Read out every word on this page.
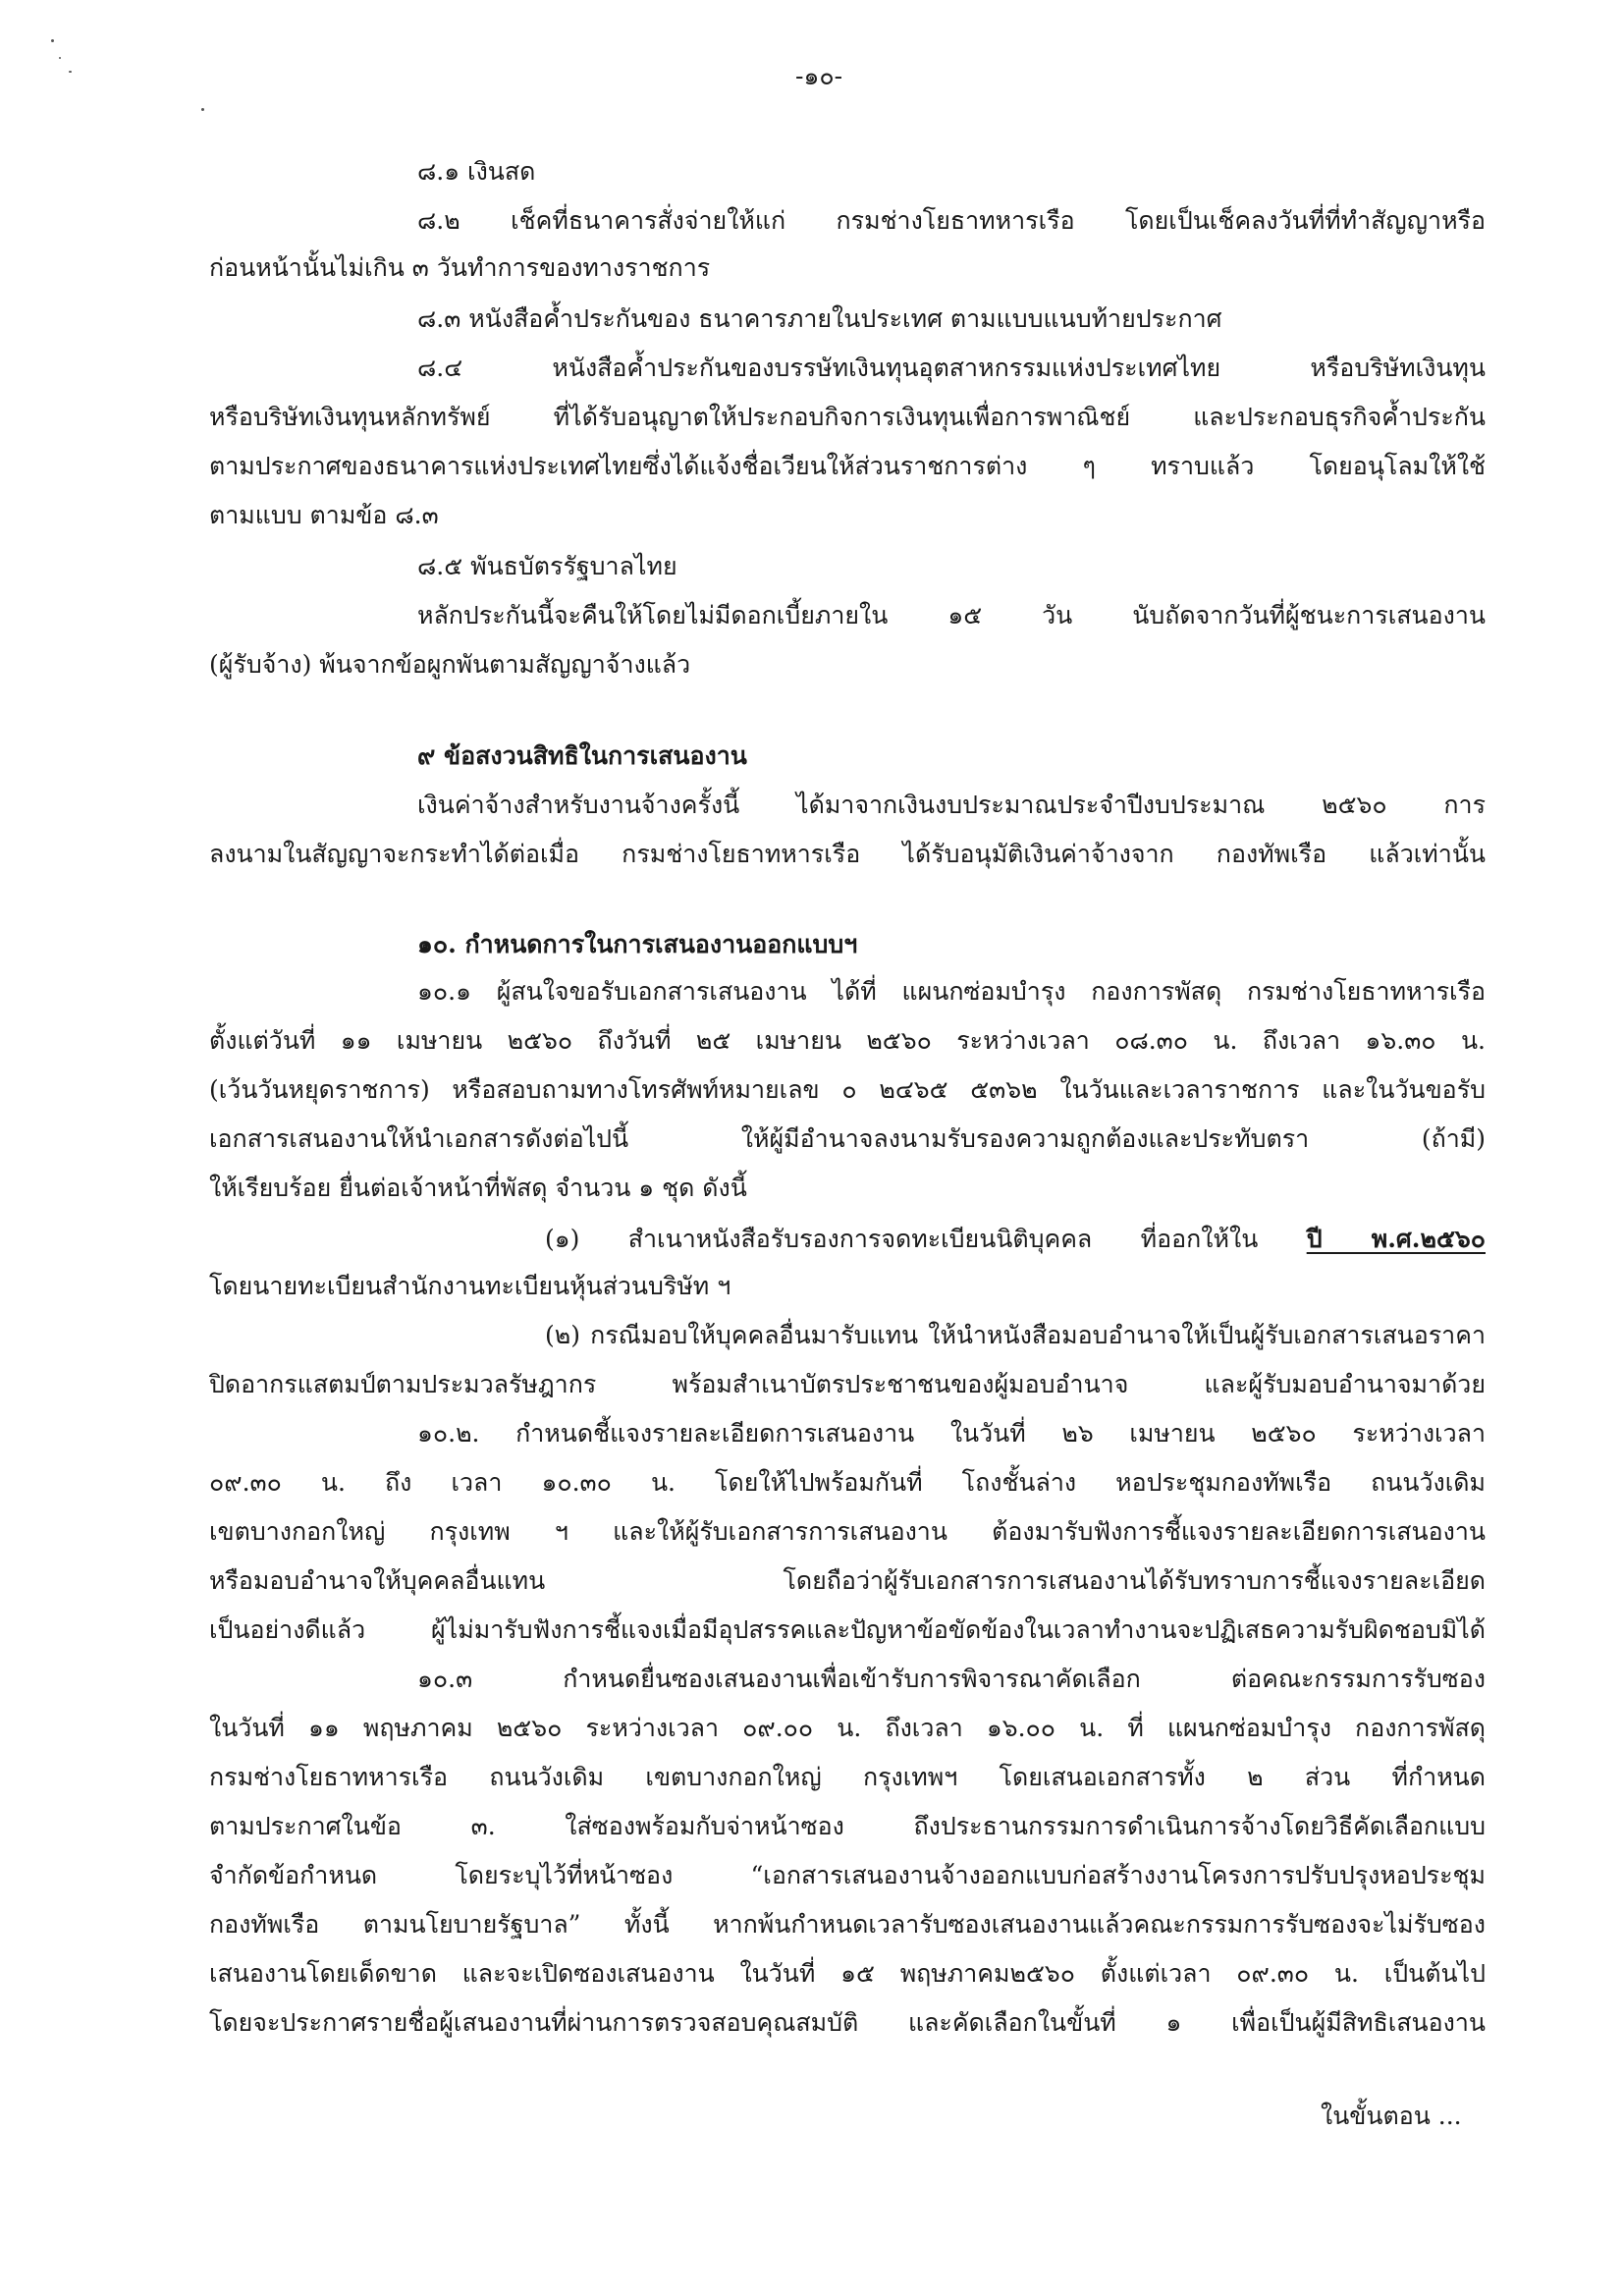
-๑๐-
๘.๑ เงินสด
๘.๒ เช็คที่ธนาคารสั่งจ่ายให้แก่ กรมช่างโยธาทหารเรือ โดยเป็นเช็คลงวันที่ที่ทำสัญญาหรือ
ก่อนหน้านั้นไม่เกิน ๓ วันทำการของทางราชการ
๘.๓ หนังสือค้ำประกันของ ธนาคารภายในประเทศ ตามแบบแนบท้ายประกาศ
๘.๔ หนังสือค้ำประกันของบรรษัทเงินทุนอุตสาหกรรมแห่งประเทศไทย หรือบริษัทเงินทุน
หรือบริษัทเงินทุนหลักทรัพย์ ที่ได้รับอนุญาตให้ประกอบกิจการเงินทุนเพื่อการพาณิชย์ และประกอบธุรกิจค้ำประกัน
ตามประกาศของธนาคารแห่งประเทศไทยซึ่งได้แจ้งชื่อเวียนให้ส่วนราชการต่าง ๆ ทราบแล้ว โดยอนุโลมให้ใช้
ตามแบบ ตามข้อ ๘.๓
๘.๕ พันธบัตรรัฐบาลไทย
หลักประกันนี้จะคืนให้โดยไม่มีดอกเบี้ยภายใน ๑๕ วัน นับถัดจากวันที่ผู้ชนะการเสนองาน
(ผู้รับจ้าง) พ้นจากข้อผูกพันตามสัญญาจ้างแล้ว
๙ ข้อสงวนสิทธิในการเสนองาน
เงินค่าจ้างสำหรับงานจ้างครั้งนี้ ได้มาจากเงินงบประมาณประจำปีงบประมาณ ๒๕๖๐ การ
ลงนามในสัญญาจะกระทำได้ต่อเมื่อ กรมช่างโยธาทหารเรือ ได้รับอนุมัติเงินค่าจ้างจาก กองทัพเรือ แล้วเท่านั้น
๑๐. กำหนดการในการเสนองานออกแบบฯ
๑๐.๑ ผู้สนใจขอรับเอกสารเสนองาน ได้ที่ แผนกซ่อมบำรุง กองการพัสดุ กรมช่างโยธาทหารเรือ
ตั้งแต่วันที่ ๑๑ เมษายน ๒๕๖๐ ถึงวันที่ ๒๕ เมษายน ๒๕๖๐ ระหว่างเวลา ๐๘.๓๐ น. ถึงเวลา ๑๖.๓๐ น.
(เว้นวันหยุดราชการ) หรือสอบถามทางโทรศัพท์หมายเลข ๐ ๒๔๖๕ ๕๓๖๒ ในวันและเวลาราชการ และในวันขอรับ
เอกสารเสนองานให้นำเอกสารดังต่อไปนี้ ให้ผู้มีอำนาจลงนามรับรองความถูกต้องและประทับตรา (ถ้ามี)
ให้เรียบร้อย ยื่นต่อเจ้าหน้าที่พัสดุ จำนวน ๑ ชุด ดังนี้
(๑) สำเนาหนังสือรับรองการจดทะเบียนนิติบุคคล ที่ออกให้ใน ปี พ.ศ.๒๕๖๐
โดยนายทะเบียนสำนักงานทะเบียนหุ้นส่วนบริษัท ฯ
(๒) กรณีมอบให้บุคคลอื่นมารับแทน ให้นำหนังสือมอบอำนาจให้เป็นผู้รับเอกสารเสนอราคา
ปิดอากรแสตมป์ตามประมวลรัษฎากร พร้อมสำเนาบัตรประชาชนของผู้มอบอำนาจ และผู้รับมอบอำนาจมาด้วย
๑๐.๒. กำหนดชี้แจงรายละเอียดการเสนองาน ในวันที่ ๒๖ เมษายน ๒๕๖๐ ระหว่างเวลา
๐๙.๓๐ น. ถึง เวลา ๑๐.๓๐ น. โดยให้ไปพร้อมกันที่ โถงชั้นล่าง หอประชุมกองทัพเรือ ถนนวังเดิม
เขตบางกอกใหญ่ กรุงเทพ ฯ และให้ผู้รับเอกสารการเสนองาน ต้องมารับฟังการชี้แจงรายละเอียดการเสนองาน
หรือมอบอำนาจให้บุคคลอื่นแทน โดยถือว่าผู้รับเอกสารการเสนองานได้รับทราบการชี้แจงรายละเอียด
เป็นอย่างดีแล้ว ผู้ไม่มารับฟังการชี้แจงเมื่อมีอุปสรรคและปัญหาข้อขัดข้องในเวลาทำงานจะปฏิเสธความรับผิดชอบมิได้
๑๐.๓ กำหนดยื่นซองเสนองานเพื่อเข้ารับการพิจารณาคัดเลือก ต่อคณะกรรมการรับซอง
ในวันที่ ๑๑ พฤษภาคม ๒๕๖๐ ระหว่างเวลา ๐๙.๐๐ น. ถึงเวลา ๑๖.๐๐ น. ที่ แผนกซ่อมบำรุง กองการพัสดุ
กรมช่างโยธาทหารเรือ ถนนวังเดิม เขตบางกอกใหญ่ กรุงเทพฯ โดยเสนอเอกสารทั้ง ๒ ส่วน ที่กำหนด
ตามประกาศในข้อ ๓. ใส่ซองพร้อมกับจ่าหน้าซอง ถึงประธานกรรมการดำเนินการจ้างโดยวิธีคัดเลือกแบบ
จำกัดข้อกำหนด โดยระบุไว้ที่หน้าซอง “เอกสารเสนองานจ้างออกแบบก่อสร้างงานโครงการปรับปรุงหอประชุม
กองทัพเรือ ตามนโยบายรัฐบาล” ทั้งนี้ หากพ้นกำหนดเวลารับซองเสนองานแล้วคณะกรรมการรับซองจะไม่รับซอง
เสนองานโดยเด็ดขาด และจะเปิดซองเสนองาน ในวันที่ ๑๕ พฤษภาคม๒๕๖๐ ตั้งแต่เวลา ๐๙.๓๐ น. เป็นต้นไป
โดยจะประกาศรายชื่อผู้เสนองานที่ผ่านการตรวจสอบคุณสมบัติ และคัดเลือกในขั้นที่ ๑ เพื่อเป็นผู้มีสิทธิเสนองาน
ในขั้นตอน ...
